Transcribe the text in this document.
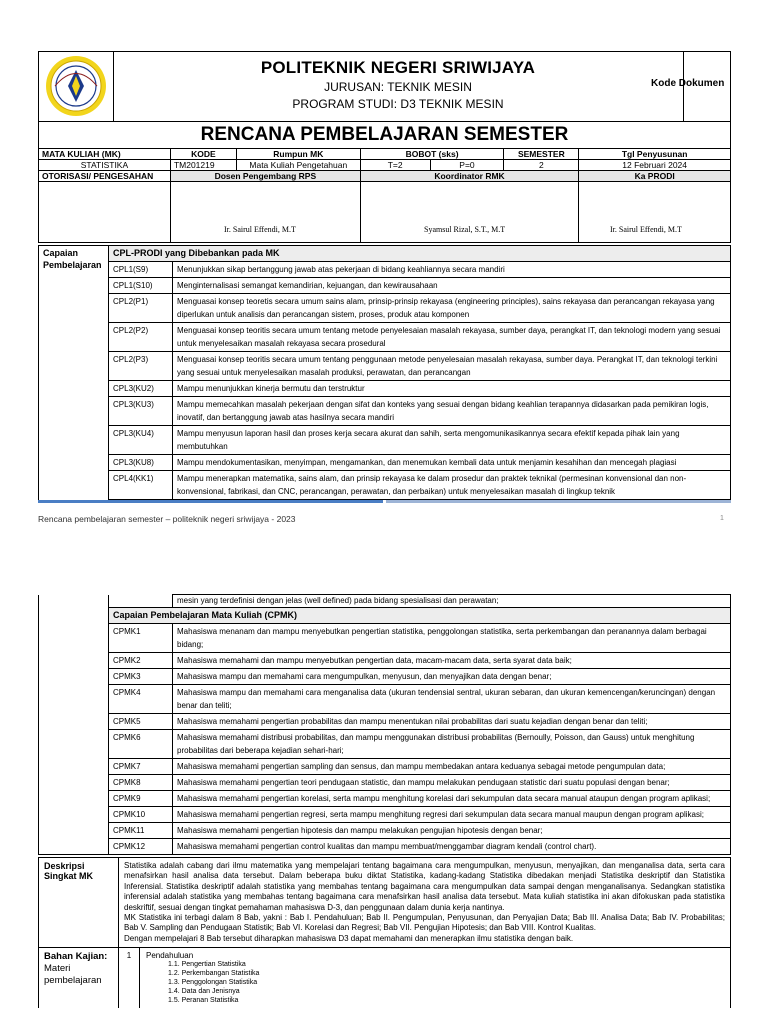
POLITEKNIK NEGERI SRIWIJAYA
JURUSAN: TEKNIK MESIN
PROGRAM STUDI: D3 TEKNIK MESIN
Kode Dokumen
RENCANA PEMBELAJARAN SEMESTER
MATA KULIAH (MK)	KODE	Rumpun MK	BOBOT (sks)		SEMESTER	Tgl Penyusunan
STATISTIKA	TM201219	Mata Kuliah Pengetahuan	T=2	P=0	2	12 Februari 2024
OTORISASI/ PENGESAHAN	Dosen Pengembang RPS		Koordinator RMK			Ka PRODI

Ir. Sairul Effendi, M.T	Syamsul Rizal, S.T., M.T	Ir. Sairul Effendi, M.T
Capaian
Pembelajaran	CPL-PRODI yang Dibebankan pada MK	
	CPL1(S9)	Menunjukkan sikap bertanggung jawab atas pekerjaan di bidang keahliannya secara mandiri
	CPL1(S10)	Menginternalisasi semangat kemandirian, kejuangan, dan kewirausahaan
	CPL2(P1)	Menguasai konsep teoretis secara umum sains alam, prinsip-prinsip rekayasa (engineering principles), sains rekayasa dan perancangan rekayasa yang diperlukan untuk analisis dan perancangan sistem, proses, produk atau komponen
	CPL2(P2)	Menguasai konsep teoritis secara umum tentang metode penyelesaian masalah rekayasa, sumber daya, perangkat IT, dan teknologi modern yang sesuai untuk menyelesaikan masalah rekayasa secara prosedural
	CPL2(P3)	Menguasai konsep teoritis secara umum tentang penggunaan metode penyelesaian masalah rekayasa, sumber daya. Perangkat IT, dan teknologi terkini yang sesuai untuk menyelesaikan masalah produksi, perawatan, dan perancangan
	CPL3(KU2)	Mampu menunjukkan kinerja bermutu dan terstruktur
	CPL3(KU3)	Mampu memecahkan masalah pekerjaan dengan sifat dan konteks yang sesuai dengan bidang keahlian terapannya didasarkan pada pemikiran logis, inovatif, dan bertanggung jawab atas hasilnya secara mandiri
	CPL3(KU4)	Mampu menyusun laporan hasil dan proses kerja secara akurat dan sahih, serta mengomunikasikannya secara efektif kepada pihak lain yang membutuhkan
	CPL3(KU8)	Mampu mendokumentasikan, menyimpan, mengamankan, dan menemukan kembali data untuk menjamin kesahihan dan mencegah plagiasi
	CPL4(KK1)	Mampu menerapkan matematika, sains alam, dan prinsip rekayasa ke dalam prosedur dan praktek teknikal (permesinan konvensional dan non-konvensional, fabrikasi, dan CNC, perancangan, perawatan, dan perbaikan) untuk menyelesaikan masalah di lingkup teknik
Rencana pembelajaran semester – politeknik negeri sriwijaya - 2023	1
		mesin yang terdefinisi dengan jelas (well defined) pada bidang spesialisasi dan perawatan;
	Capaian Pembelajaran Mata Kuliah (CPMK)	
	CPMK1	Mahasiswa menanam dan mampu menyebutkan pengertian statistika, penggolongan statistika, serta perkembangan dan peranannya dalam berbagai bidang;
	CPMK2	Mahasiswa memahami dan mampu menyebutkan pengertian data, macam-macam data, serta syarat data baik;
	CPMK3	Mahasiswa mampu dan memahami cara mengumpulkan, menyusun, dan menyajikan data dengan benar;
	CPMK4	Mahasiswa mampu dan memahami cara menganalisa data (ukuran tendensial sentral, ukuran sebaran, dan ukuran kemencengan/keruncingan) dengan benar dan teliti;
	CPMK5	Mahasiswa memahami pengertian probabilitas dan mampu menentukan nilai probabilitas dari suatu kejadian dengan benar dan teliti;
	CPMK6	Mahasiswa memahami distribusi probabilitas, dan mampu menggunakan distribusi probabilitas (Bernoully, Poisson, dan Gauss) untuk menghitung probabilitas dari beberapa kejadian sehari-hari;
	CPMK7	Mahasiswa memahami pengertian sampling dan sensus, dan mampu membedakan antara keduanya sebagai metode pengumpulan data;
	CPMK8	Mahasiswa memahami pengertian teori pendugaan statistic, dan mampu melakukan pendugaan statistic dari suatu populasi dengan benar;
	CPMK9	Mahasiswa memahami pengertian korelasi, serta mampu menghitung korelasi dari sekumpulan data secara manual ataupun dengan program aplikasi;
	CPMK10	Mahasiswa memahami pengertian regresi, serta mampu menghitung regresi dari sekumpulan data secara manual maupun dengan program aplikasi;
	CPMK11	Mahasiswa memahami pengertian hipotesis dan mampu melakukan pengujian hipotesis dengan benar;
	CPMK12	Mahasiswa memahami pengertian control kualitas dan mampu membuat/menggambar diagram kendali (control chart).
Deskripsi Singkat MK	

Statistika adalah cabang dari ilmu matematika yang mempelajari tentang bagaimana cara mengumpulkan, menyusun, menyajikan, dan menganalisa data, serta cara menafsirkan hasil analisa data tersebut. Dalam beberapa buku diktat Statistika, kadang-kadang Statistika dibedakan menjadi Statistika deskriptif dan Statistika Inferensial. Statistika deskriptif adalah statistika yang membahas tentang bagaimana cara mengumpulkan data sampai dengan menganalisanya. Sedangkan statistika inferensial adalah statistika yang membahas tentang bagaimana cara menafsirkan hasil analisa data tersebut. Mata kuliah statistika ini akan difokuskan pada statistika deskriftif, sesuai dengan tingkat pemahaman mahasiswa D-3, dan penggunaan dalam dunia kerja nantinya.

MK Statistika ini terbagi dalam 8 Bab, yakni : Bab I. Pendahuluan; Bab II. Pengumpulan, Penyusunan, dan Penyajian Data; Bab III. Analisa Data; Bab IV. Probabilitas; Bab V. Sampling dan Pendugaan Statistik; Bab VI. Korelasi dan Regresi; Bab VII. Pengujian Hipotesis; dan Bab VIII. Kontrol Kualitas.

Dengan mempelajari 8 Bab tersebut diharapkan mahasiswa D3 dapat memahami dan menerapkan ilmu statistika dengan baik.

Bahan Kajian:
Materi
pembelajaran	
1	Pendahuluan
1.1. Pengertian Statistika
1.2. Perkembangan Statistika
1.3. Penggolongan Statistika
1.4. Data dan Jenisnya
1.5. Peranan Statistika
